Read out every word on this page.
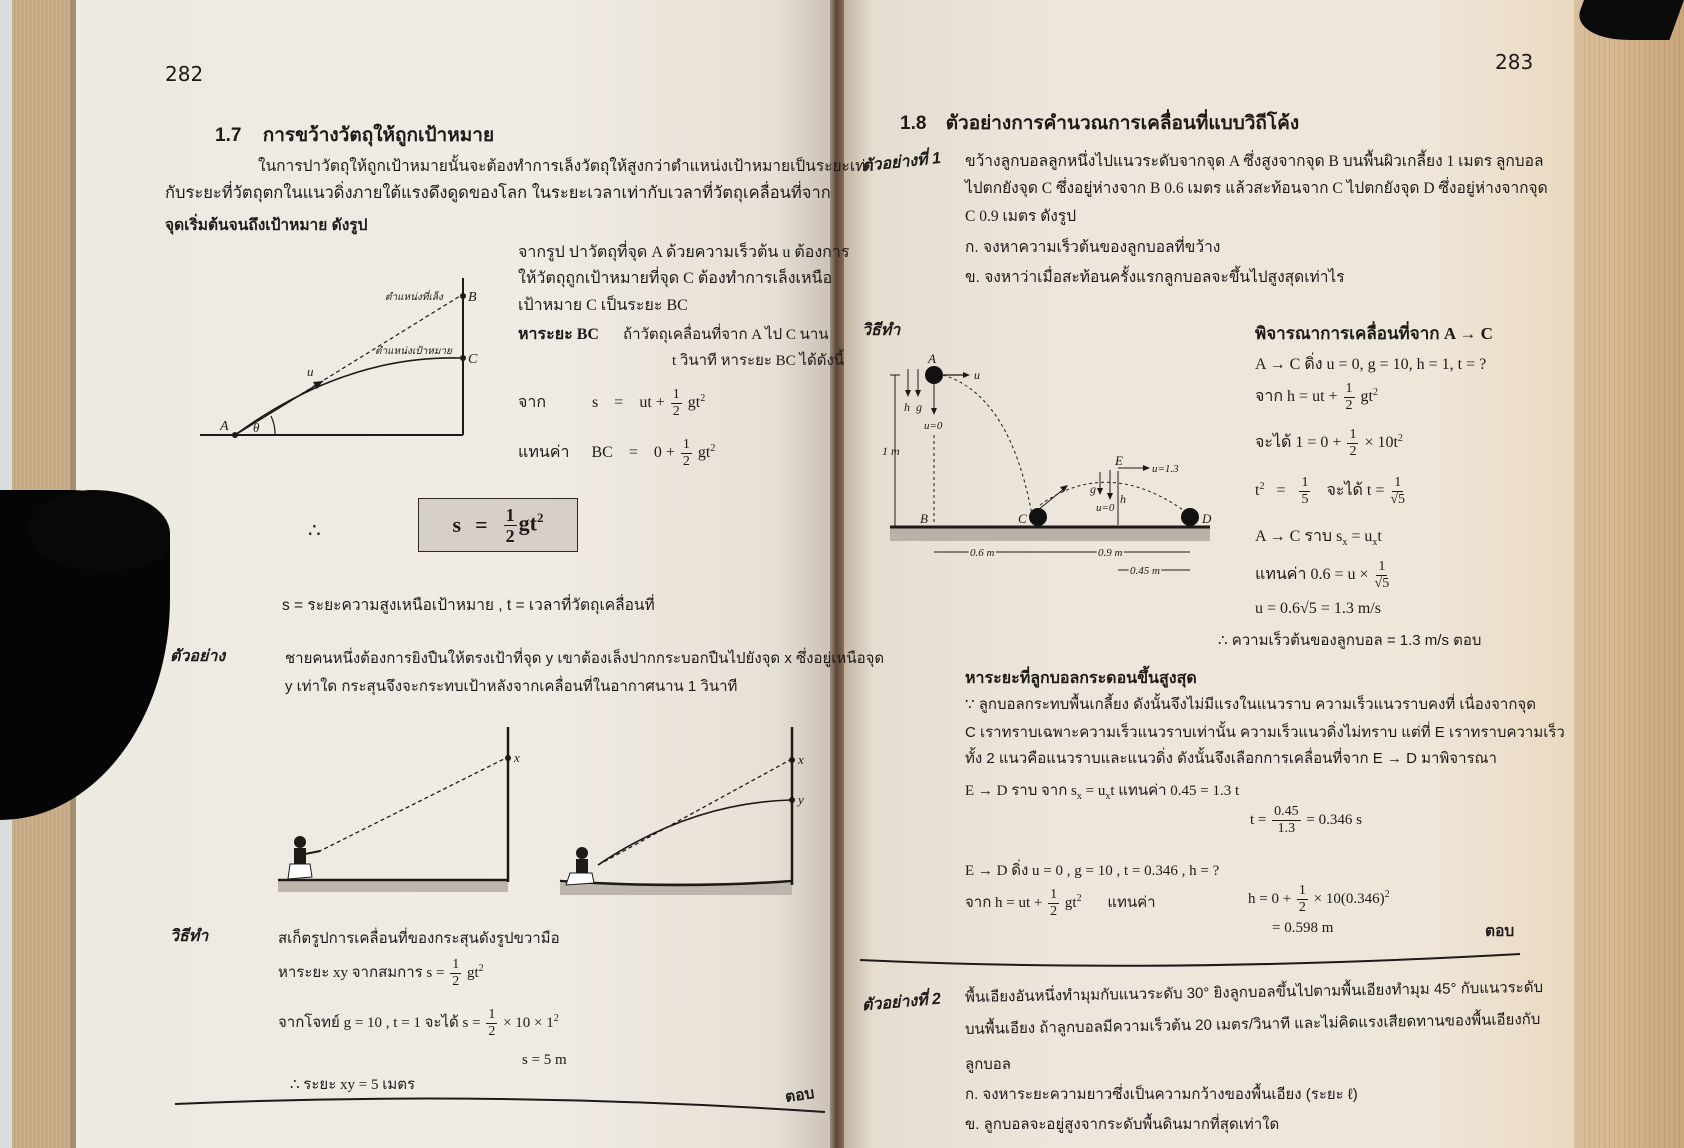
282
1.7 การขว้างวัตถุให้ถูกเป้าหมาย
ในการปาวัตถุให้ถูกเป้าหมายนั้นจะต้องทำการเล็งวัตถุให้สูงกว่าตำแหน่งเป้าหมายเป็นระยะเท่า
กับระยะที่วัตถุตกในแนวดิ่งภายใต้แรงดึงดูดของโลก ในระยะเวลาเท่ากับเวลาที่วัตถุเคลื่อนที่จาก
จุดเริ่มต้นจนถึงเป้าหมาย ดังรูป
A θ
u
B
C
ตำแหน่งที่เล็ง
ตำแหน่งเป้าหมาย
จากรูป ปาวัตถุที่จุด A ด้วยความเร็วต้น u ต้องการ
ให้วัตถุถูกเป้าหมายที่จุด C ต้องทำการเล็งเหนือ
เป้าหมาย C เป็นระยะ BC
หาระยะ BC ถ้าวัตถุเคลื่อนที่จาก A ไป C นาน
t วินาที หาระยะ BC ได้ดังนี้
จาก	s = ut + $\frac{1}{2} gt^2$
แทนค่า BC = $0 + \frac{1}{2} gt^2$
∴	$s = \frac{1}{2} gt^2$
s = ระยะความสูงเหนือเป้าหมาย , t = เวลาที่วัตถุเคลื่อนที่
ตัวอย่าง	ชายคนหนึ่งต้องการยิงปืนให้ตรงเป้าที่จุด y เขาต้องเล็งปากกระบอกปืนไปยังจุด x ซึ่งอยู่เหนือจุด
y เท่าใด กระสุนจึงจะกระทบเป้าหลังจากเคลื่อนที่ในอากาศนาน 1 วินาที
x	x
y
วิธีทำ	สเก็ตรูปการเคลื่อนที่ของกระสุนดังรูปขวามือ
หาระยะ xy จากสมการ $s = \frac{1}{2} gt^2$
จากโจทย์ g = 10 , t = 1 จะได้ $s = \frac{1}{2} \times 10 \times 1^2$
s = 5 m
∴ ระยะ xy = 5 เมตร
ตอบ
283
1.8 ตัวอย่างการคำนวณการเคลื่อนที่แบบวิถีโค้ง
ตัวอย่างที่ 1 ขว้างลูกบอลลูกหนึ่งไปแนวระดับจากจุด A ซึ่งสูงจากจุด B บนพื้นผิวเกลี้ยง 1 เมตร ลูกบอล
ไปตกยังจุด C ซึ่งอยู่ห่างจาก B 0.6 เมตร แล้วสะท้อนจาก C ไปตกยังจุด D ซึ่งอยู่ห่างจากจุด
C 0.9 เมตร ดังรูป
ก. จงหาความเร็วต้นของลูกบอลที่ขว้าง
ข. จงหาว่าเมื่อสะท้อนครั้งแรกลูกบอลจะขึ้นไปสูงสุดเท่าไร
วิธีทำ
1 m
A
u
h g
u=0
B	C
E
u=1.3
g
u=0
h
D
0.6 m	0.9 m
0.45 m
พิจารณาการเคลื่อนที่จาก A → C
A → C ดิ่ง u = 0, g = 10, h = 1, t = ?
จาก h = ut + $\frac{1}{2} gt^2$
จะได้ $1 = 0 + \frac{1}{2} \times 10t^2$
$t^2 = \frac{1}{5}$ จะได้ $t = \frac{1}{√5}$
A → C ราบ $s_x = u_xt$
แทนค่า $0.6 = u \times \frac{1}{√5}$
u = 0.6√5 = 1.3 m/s
∴ ความเร็วต้นของลูกบอล = 1.3 m/s ตอบ
หาระยะที่ลูกบอลกระดอนขึ้นสูงสุด
∵ ลูกบอลกระทบพื้นเกลี้ยง ดังนั้นจึงไม่มีแรงในแนวราบ ความเร็วแนวราบคงที่ เนื่องจากจุด
C เราทราบเฉพาะความเร็วแนวราบเท่านั้น ความเร็วแนวดิ่งไม่ทราบ แต่ที่ E เราทราบความเร็ว
ทั้ง 2 แนวคือแนวราบและแนวดิ่ง ดังนั้นจึงเลือกการเคลื่อนที่จาก E → D มาพิจารณา
E → D ราบ จาก $s_x = u_xt$ แทนค่า 0.45 = 1.3 t
$t = \frac{0.45}{1.3} = 0.346$ s
E → D ดิ่ง u = 0 , g = 10 , t = 0.346 , h = ?
จาก h = ut + $\frac{1}{2} gt^2$ แทนค่า	$h = 0 + \frac{1}{2} \times 10(0.346)^2$
= 0.598 m	ตอบ
ตัวอย่างที่ 2 พื้นเอียงอันหนึ่งทำมุมกับแนวระดับ 30° ยิงลูกบอลขึ้นไปตามพื้นเอียงทำมุม 45° กับแนวระดับ
บนพื้นเอียง ถ้าลูกบอลมีความเร็วต้น 20 เมตร/วินาที และไม่คิดแรงเสียดทานของพื้นเอียงกับ
ลูกบอล
ก. จงหาระยะความยาวซึ่งเป็นความกว้างของพื้นเอียง (ระยะ ℓ)
ข. ลูกบอลจะอยู่สูงจากระดับพื้นดินมากที่สุดเท่าใด
